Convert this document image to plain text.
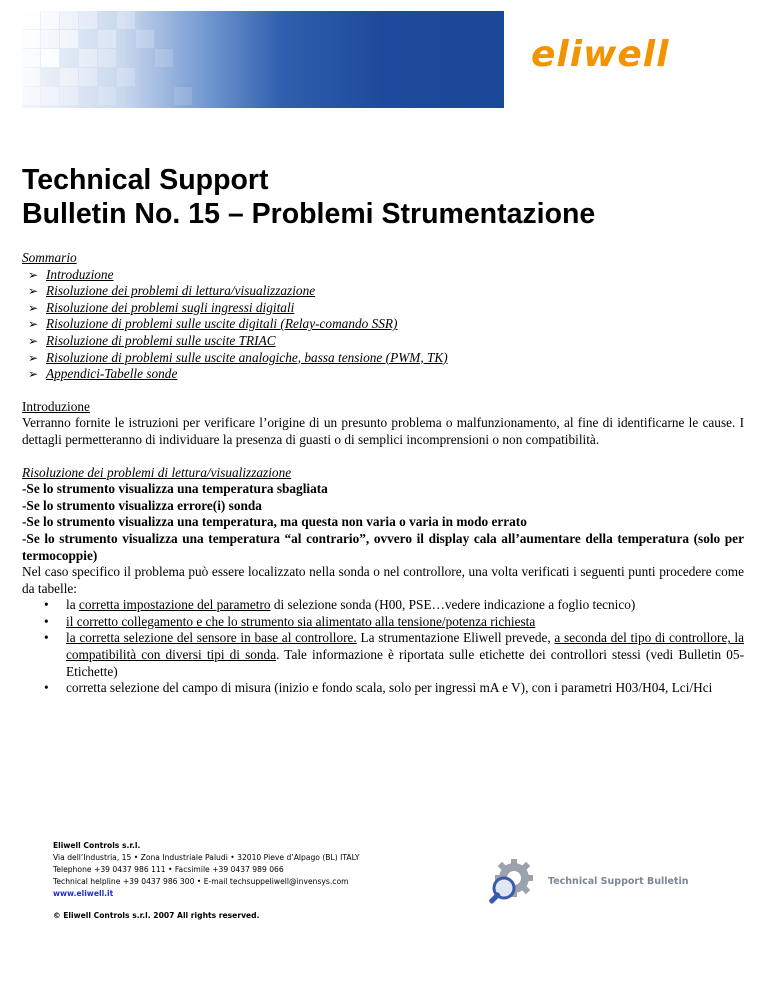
eliwell
Technical Support
Bulletin No. 15 – Problemi Strumentazione

Sommario

➢ Introduzione
➢ Risoluzione dei problemi di lettura/visualizzazione
➢ Risoluzione dei problemi sugli ingressi digitali
➢ Risoluzione di problemi sulle uscite digitali (Relay-comando SSR)
➢ Risoluzione di problemi sulle uscite TRIAC
➢ Risoluzione di problemi sulle uscite analogiche, bassa tensione (PWM, TK)
➢ Appendici-Tabelle sonde

Introduzione

Verranno fornite le istruzioni per verificare l’origine di un presunto problema o malfunzionamento, al fine di identificarne le cause. I dettagli permetteranno di individuare la presenza di guasti o di semplici incomprensioni o non compatibilità.

Risoluzione dei problemi di lettura/visualizzazione

-Se lo strumento visualizza una temperatura sbagliata

-Se lo strumento visualizza errore(i) sonda

-Se lo strumento visualizza una temperatura, ma questa non varia o varia in modo errato

-Se lo strumento visualizza una temperatura “al contrario”, ovvero il display cala all’aumentare della temperatura (solo per termocoppie)

Nel caso specifico il problema può essere localizzato nella sonda o nel controllore, una volta verificati i seguenti punti procedere come da tabelle:

• la corretta impostazione del parametro di selezione sonda (H00, PSE…vedere indicazione a foglio tecnico)
• il corretto collegamento e che lo strumento sia alimentato alla tensione/potenza richiesta
• la corretta selezione del sensore in base al controllore. La strumentazione Eliwell prevede, a seconda del tipo di controllore, la compatibilità con diversi tipi di sonda. Tale informazione è riportata sulle etichette dei controllori stessi (vedi Bulletin 05-Etichette)
• corretta selezione del campo di misura (inizio e fondo scala, solo per ingressi mA e V), con i parametri H03/H04, Lci/Hci
Eliwell Controls s.r.l.
Via dell’Industria, 15 • Zona Industriale Paludi • 32010 Pieve d’Alpago (BL) ITALY
Telephone +39 0437 986 111 • Facsimile +39 0437 989 066
Technical helpline +39 0437 986 300 • E-mail techsuppeliwell@invensys.com
www.eliwell.it
© Eliwell Controls s.r.l. 2007 All rights reserved.
Technical Support Bulletin
